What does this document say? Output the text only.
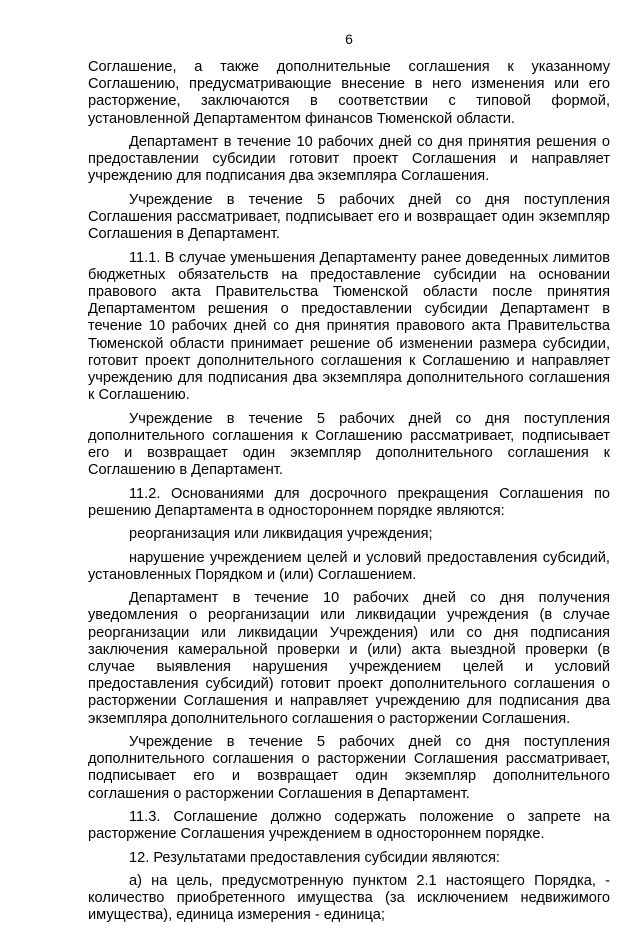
6

Соглашение, а также дополнительные соглашения к указанному Соглашению, предусматривающие внесение в него изменения или его расторжение, заключаются в соответствии с типовой формой, установленной Департаментом финансов Тюменской области.

Департамент в течение 10 рабочих дней со дня принятия решения о предоставлении субсидии готовит проект Соглашения и направляет учреждению для подписания два экземпляра Соглашения.

Учреждение в течение 5 рабочих дней со дня поступления Соглашения рассматривает, подписывает его и возвращает один экземпляр Соглашения в Департамент.

11.1. В случае уменьшения Департаменту ранее доведенных лимитов бюджетных обязательств на предоставление субсидии на основании правового акта Правительства Тюменской области после принятия Департаментом решения о предоставлении субсидии Департамент в течение 10 рабочих дней со дня принятия правового акта Правительства Тюменской области принимает решение об изменении размера субсидии, готовит проект дополнительного соглашения к Соглашению и направляет учреждению для подписания два экземпляра дополнительного соглашения к Соглашению.

Учреждение в течение 5 рабочих дней со дня поступления дополнительного соглашения к Соглашению рассматривает, подписывает его и возвращает один экземпляр дополнительного соглашения к Соглашению в Департамент.

11.2. Основаниями для досрочного прекращения Соглашения по решению Департамента в одностороннем порядке являются:

реорганизация или ликвидация учреждения;

нарушение учреждением целей и условий предоставления субсидий, установленных Порядком и (или) Соглашением.

Департамент в течение 10 рабочих дней со дня получения уведомления о реорганизации или ликвидации учреждения (в случае реорганизации или ликвидации Учреждения) или со дня подписания заключения камеральной проверки и (или) акта выездной проверки (в случае выявления нарушения учреждением целей и условий предоставления субсидий) готовит проект дополнительного соглашения о расторжении Соглашения и направляет учреждению для подписания два экземпляра дополнительного соглашения о расторжении Соглашения.

Учреждение в течение 5 рабочих дней со дня поступления дополнительного соглашения о расторжении Соглашения рассматривает, подписывает его и возвращает один экземпляр дополнительного соглашения о расторжении Соглашения в Департамент.

11.3. Соглашение должно содержать положение о запрете на расторжение Соглашения учреждением в одностороннем порядке.

12. Результатами предоставления субсидии являются:

а) на цель, предусмотренную пунктом 2.1 настоящего Порядка, - количество приобретенного имущества (за исключением недвижимого имущества), единица измерения - единица;
